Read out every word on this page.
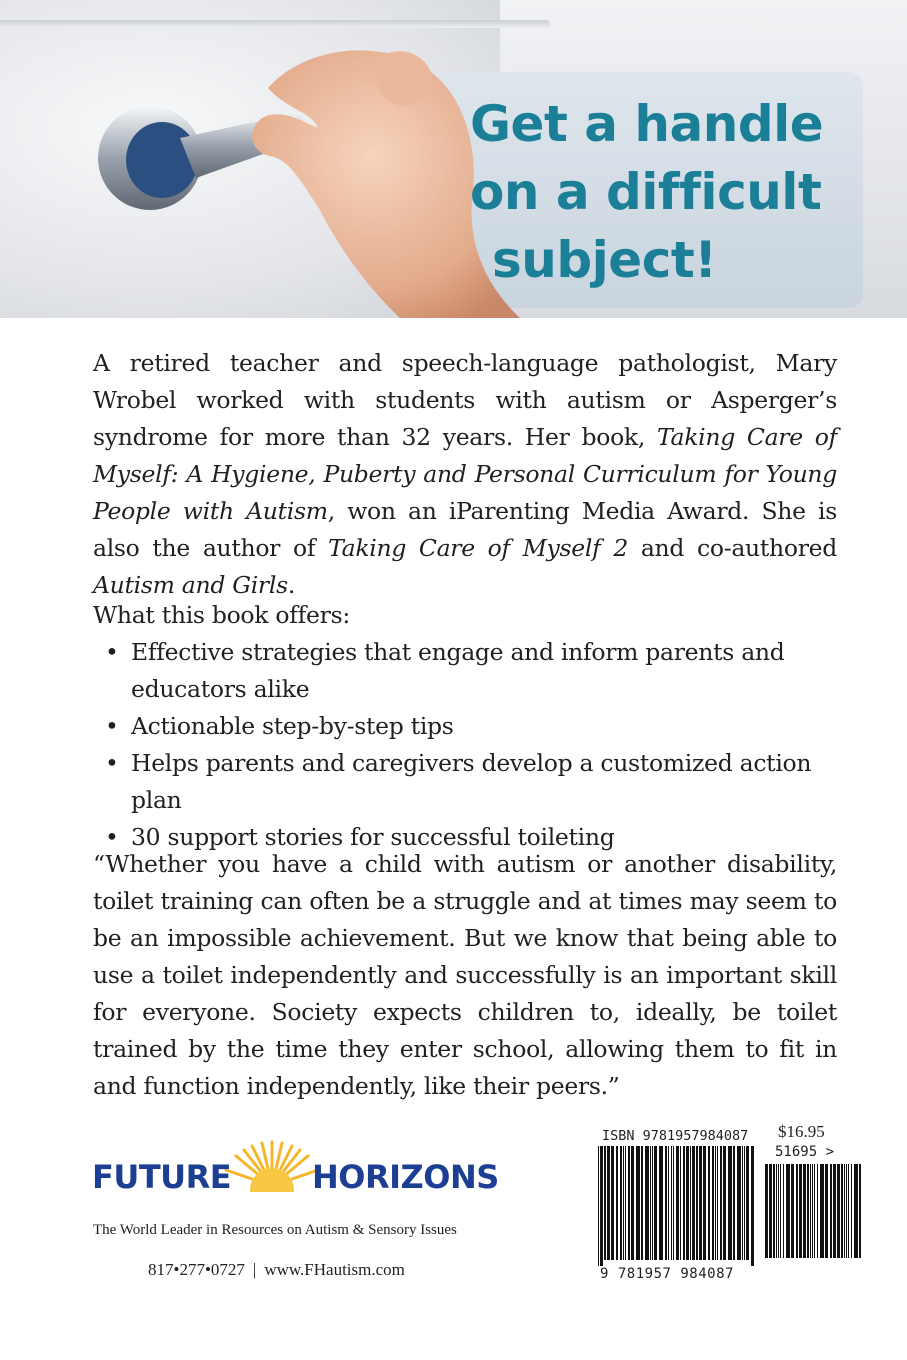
Get a handle
on a difficult
subject!

A retired teacher and speech-language pathologist, Mary Wrobel worked with students with autism or Asperger’s syndrome for more than 32 years. Her book, Taking Care of Myself: A Hygiene, Puberty and Personal Curriculum for Young People with Autism, won an iParenting Media Award. She is also the author of Taking Care of Myself 2 and co-authored Autism and Girls.

What this book offers:

• Effective strategies that engage and inform parents and educators alike
• Actionable step-by-step tips
• Helps parents and caregivers develop a customized action plan
• 30 support stories for successful toileting

“Whether you have a child with autism or another disability, toilet training can often be a struggle and at times may seem to be an impossible achievement. But we know that being able to use a toilet independently and successfully is an important skill for everyone. Society expects children to, ideally, be toilet trained by the time they enter school, allowing them to fit in and function independently, like their peers.”

FUTURE	HORIZONS

The World Leader in Resources on Autism & Sensory Issues

817•277•0727 | www.FHautism.com

ISBN 9781957984087 $16.95

51695 >

9 781957 984087
